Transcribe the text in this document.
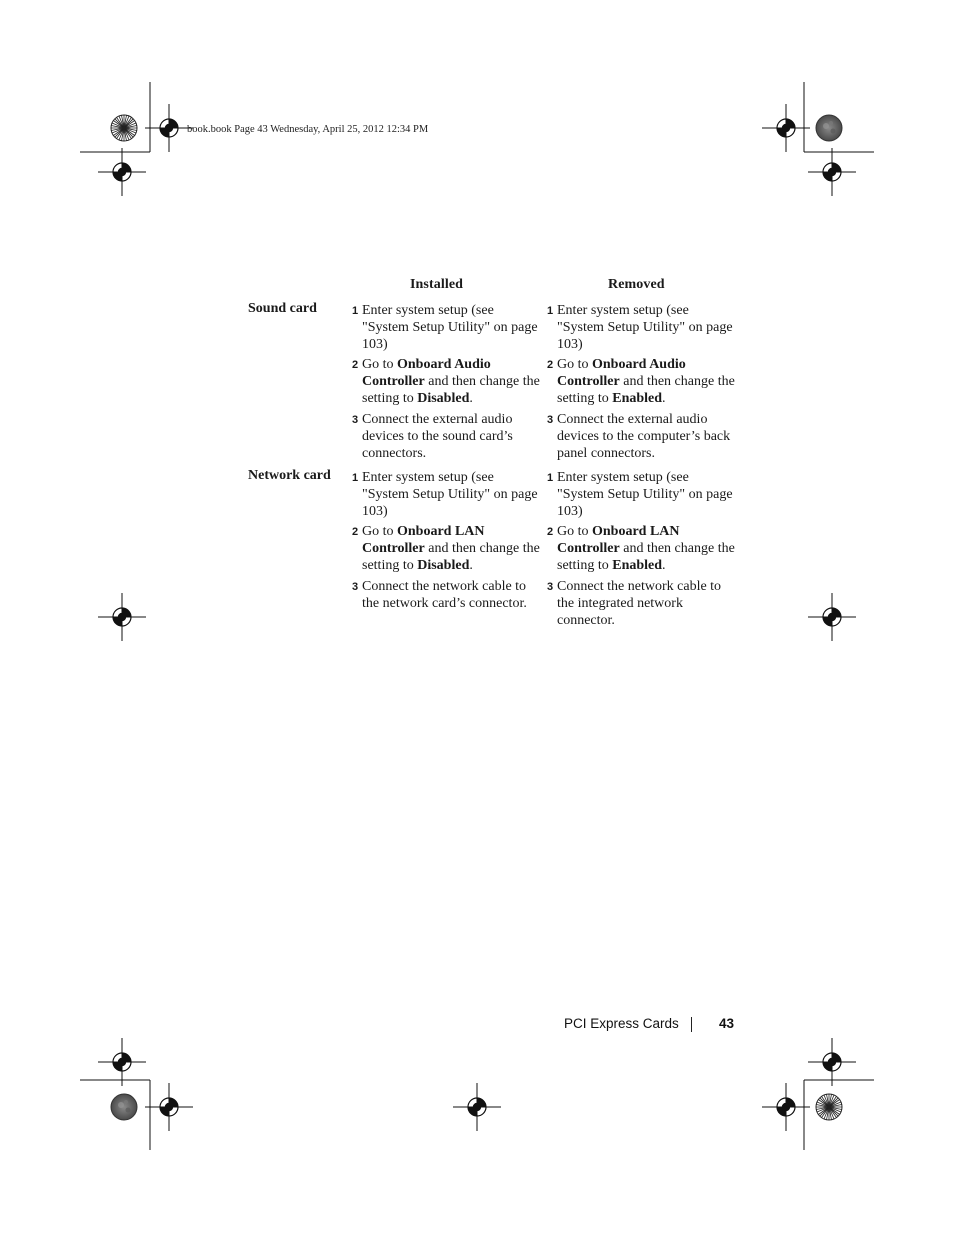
book.book Page 43 Wednesday, April 25, 2012 12:34 PM
Installed	Removed
Sound card
Network card
1 Enter system setup (see "System Setup Utility" on page 103)
2 Go to Onboard Audio Controller and then change the setting to Disabled.
3 Connect the external audio devices to the sound card’s connectors.
1 Enter system setup (see "System Setup Utility" on page 103)
2 Go to Onboard Audio Controller and then change the setting to Enabled.
3 Connect the external audio devices to the computer’s back panel connectors.
1 Enter system setup (see "System Setup Utility" on page 103)
2 Go to Onboard LAN Controller and then change the setting to Disabled.
3 Connect the network cable to the network card’s connector.
1 Enter system setup (see "System Setup Utility" on page 103)
2 Go to Onboard LAN Controller and then change the setting to Enabled.
3 Connect the network cable to the integrated network connector.
PCI Express Cards	43
